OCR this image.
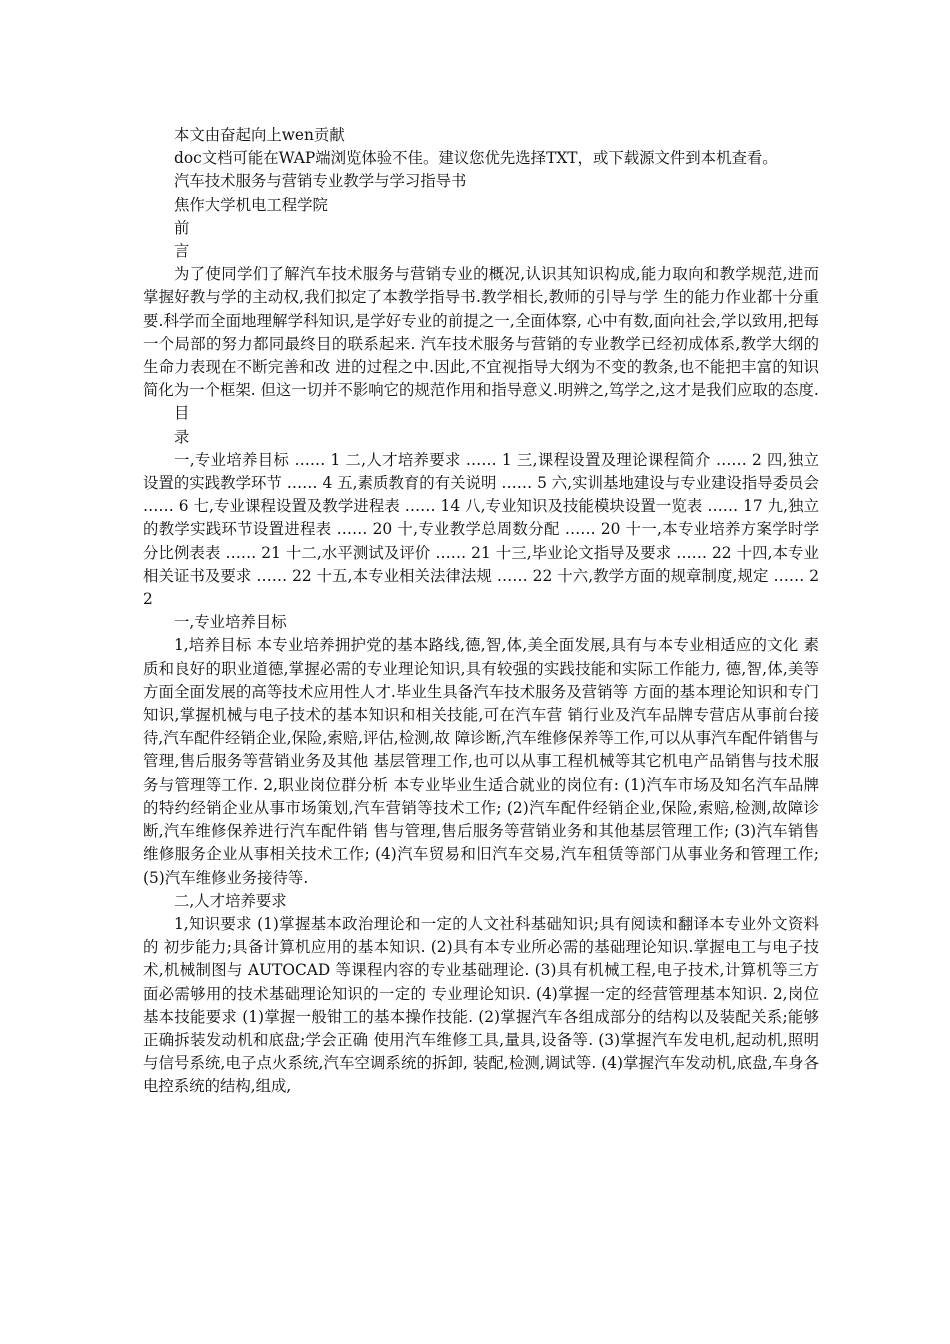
本文由奋起向上wen贡献
doc文档可能在WAP端浏览体验不佳。建议您优先选择TXT，或下载源文件到本机查看。
汽车技术服务与营销专业教学与学习指导书
焦作大学机电工程学院
前
言

为了使同学们了解汽车技术服务与营销专业的概况,认识其知识构成,能力取向和教学规范,进而掌握好教与学的主动权,我们拟定了本教学指导书.教学相长,教师的引导与学 生的能力作业都十分重要.科学而全面地理解学科知识,是学好专业的前提之一,全面体察, 心中有数,面向社会,学以致用,把每一个局部的努力都同最终目的联系起来. 汽车技术服务与营销的专业教学已经初成体系,教学大纲的生命力表现在不断完善和改 进的过程之中.因此,不宜视指导大纲为不变的教条,也不能把丰富的知识简化为一个框架. 但这一切并不影响它的规范作用和指导意义.明辨之,笃学之,这才是我们应取的态度.

目
录

一,专业培养目标 …… 1 二,人才培养要求 …… 1 三,课程设置及理论课程简介 …… 2 四,独立设置的实践教学环节 …… 4 五,素质教育的有关说明 …… 5 六,实训基地建设与专业建设指导委员会 …… 6 七,专业课程设置及教学进程表 …… 14 八,专业知识及技能模块设置一览表 …… 17 九,独立的教学实践环节设置进程表 …… 20 十,专业教学总周数分配 …… 20 十一,本专业培养方案学时学分比例表表 …… 21 十二,水平测试及评价 …… 21 十三,毕业论文指导及要求 …… 22 十四,本专业相关证书及要求 …… 22 十五,本专业相关法律法规 …… 22 十六,教学方面的规章制度,规定 …… 22

一,专业培养目标

1,培养目标 本专业培养拥护党的基本路线,德,智,体,美全面发展,具有与本专业相适应的文化 素质和良好的职业道德,掌握必需的专业理论知识,具有较强的实践技能和实际工作能力, 德,智,体,美等方面全面发展的高等技术应用性人才.毕业生具备汽车技术服务及营销等 方面的基本理论知识和专门知识,掌握机械与电子技术的基本知识和相关技能,可在汽车营 销行业及汽车品牌专营店从事前台接待,汽车配件经销企业,保险,索赔,评估,检测,故 障诊断,汽车维修保养等工作,可以从事汽车配件销售与管理,售后服务等营销业务及其他 基层管理工作,也可以从事工程机械等其它机电产品销售与技术服务与管理等工作. 2,职业岗位群分析 本专业毕业生适合就业的岗位有: (1)汽车市场及知名汽车品牌的特约经销企业从事市场策划,汽车营销等技术工作; (2)汽车配件经销企业,保险,索赔,检测,故障诊断,汽车维修保养进行汽车配件销 售与管理,售后服务等营销业务和其他基层管理工作; (3)汽车销售维修服务企业从事相关技术工作; (4)汽车贸易和旧汽车交易,汽车租赁等部门从事业务和管理工作; (5)汽车维修业务接待等.

二,人才培养要求

1,知识要求 (1)掌握基本政治理论和一定的人文社科基础知识;具有阅读和翻译本专业外文资料的 初步能力;具备计算机应用的基本知识. (2)具有本专业所必需的基础理论知识.掌握电工与电子技术,机械制图与 AUTOCAD 等课程内容的专业基础理论. (3)具有机械工程,电子技术,计算机等三方面必需够用的技术基础理论知识的一定的 专业理论知识. (4)掌握一定的经营管理基本知识. 2,岗位基本技能要求 (1)掌握一般钳工的基本操作技能. (2)掌握汽车各组成部分的结构以及装配关系;能够正确拆装发动机和底盘;学会正确 使用汽车维修工具,量具,设备等. (3)掌握汽车发电机,起动机,照明与信号系统,电子点火系统,汽车空调系统的拆卸, 装配,检测,调试等. (4)掌握汽车发动机,底盘,车身各电控系统的结构,组成,
